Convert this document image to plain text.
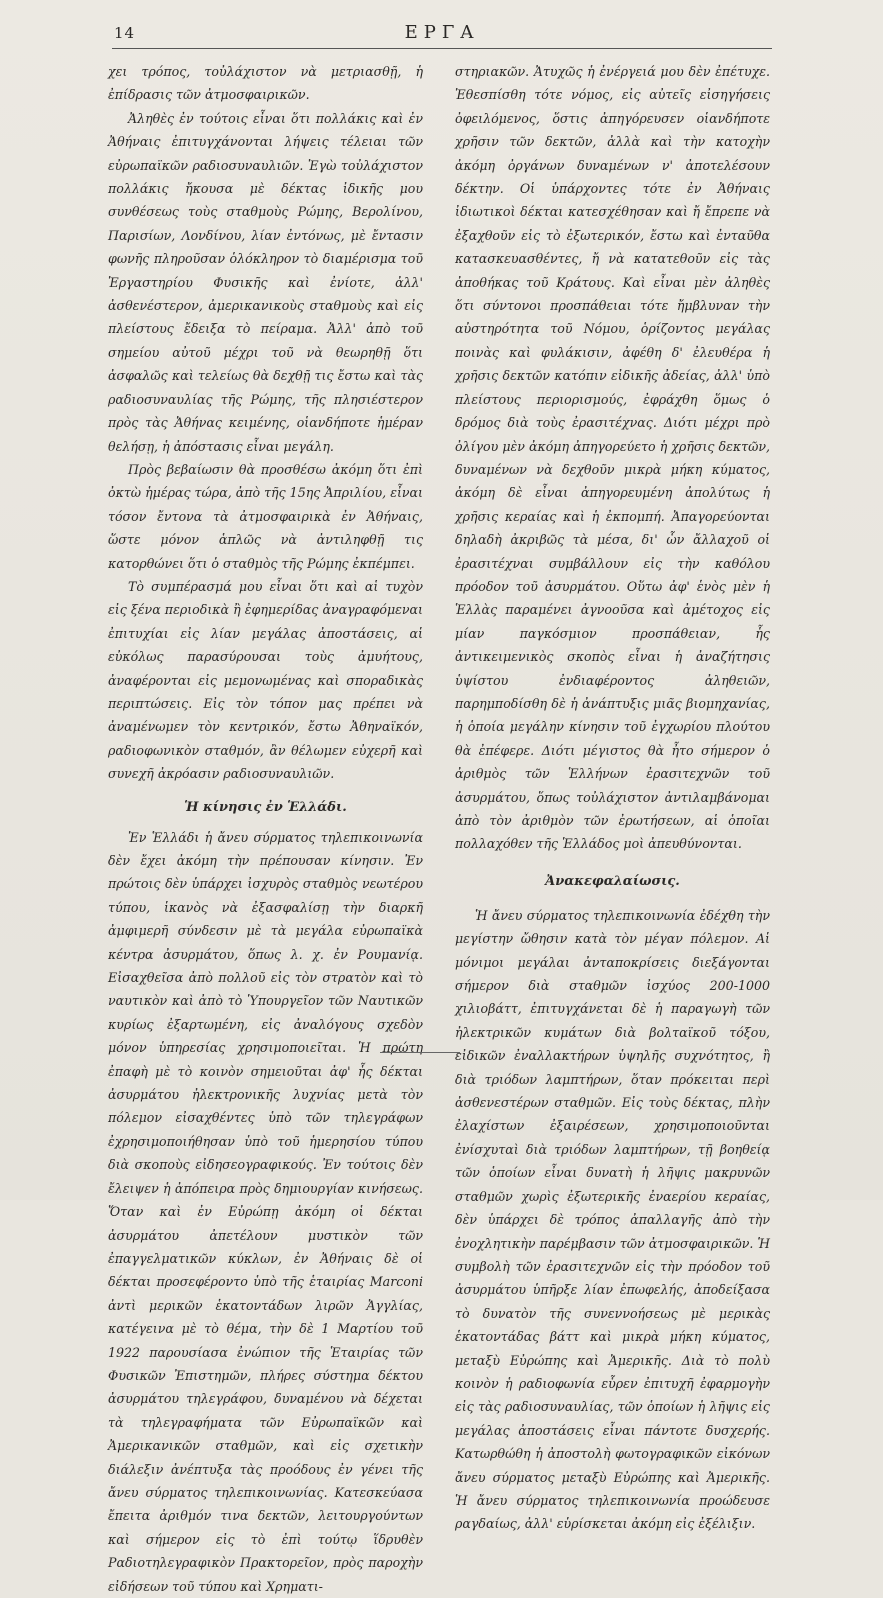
14	ΕΡΓΑ

χει τρόπος, τοὐλάχιστον νὰ μετριασθῇ, ἡ ἐπίδρασις τῶν ἀτμοσφαιρικῶν.

Ἀληθὲς ἐν τούτοις εἶναι ὅτι πολλάκις καὶ ἐν Ἀθήναις ἐπιτυγχάνονται λήψεις τέλειαι τῶν εὐρωπαϊκῶν ραδιοσυναυλιῶν. Ἐγὼ τοὐλάχιστον πολλάκις ἤκουσα μὲ δέκτας ἰδικῆς μου συνθέσεως τοὺς σταθμοὺς Ρώμης, Βερολίνου, Παρισίων, Λονδίνου, λίαν ἐντόνως, μὲ ἔντασιν φωνῆς πληροῦσαν ὁλόκληρον τὸ διαμέρισμα τοῦ Ἐργαστηρίου Φυσικῆς καὶ ἐνίοτε, ἀλλ' ἀσθενέστερον, ἀμερικανικοὺς σταθμοὺς καὶ εἰς πλείστους ἔδειξα τὸ πείραμα. Ἀλλ' ἀπὸ τοῦ σημείου αὐτοῦ μέχρι τοῦ νὰ θεωρηθῇ ὅτι ἀσφαλῶς καὶ τελείως θὰ δεχθῇ τις ἔστω καὶ τὰς ραδιοσυναυλίας τῆς Ρώμης, τῆς πλησιέστερον πρὸς τὰς Ἀθήνας κειμένης, οἱανδήποτε ἡμέραν θελήσῃ, ἡ ἀπόστασις εἶναι μεγάλη.

Πρὸς βεβαίωσιν θὰ προσθέσω ἀκόμη ὅτι ἐπὶ ὀκτὼ ἡμέρας τώρα, ἀπὸ τῆς 15ης Ἀπριλίου, εἶναι τόσον ἔντονα τὰ ἀτμοσφαιρικὰ ἐν Ἀθήναις, ὥστε μόνον ἁπλῶς νὰ ἀντιληφθῇ τις κατορθώνει ὅτι ὁ σταθμὸς τῆς Ρώμης ἐκπέμπει.

Τὸ συμπέρασμά μου εἶναι ὅτι καὶ αἱ τυχὸν εἰς ξένα περιοδικὰ ἢ ἐφημερίδας ἀναγραφόμεναι ἐπιτυχίαι εἰς λίαν μεγάλας ἀποστάσεις, αἱ εὐκόλως παρασύρουσαι τοὺς ἀμυήτους, ἀναφέρονται εἰς μεμονωμένας καὶ σποραδικὰς περιπτώσεις. Εἰς τὸν τόπον μας πρέπει νὰ ἀναμένωμεν τὸν κεντρικόν, ἔστω Ἀθηναϊκόν, ραδιοφωνικὸν σταθμόν, ἂν θέλωμεν εὐχερῆ καὶ συνεχῆ ἀκρόασιν ραδιοσυναυλιῶν.

Ἡ κίνησις ἐν Ἑλλάδι.

Ἐν Ἑλλάδι ἡ ἄνευ σύρματος τηλεπικοινωνία δὲν ἔχει ἀκόμη τὴν πρέπουσαν κίνησιν. Ἐν πρώτοις δὲν ὑπάρχει ἰσχυρὸς σταθμὸς νεωτέρου τύπου, ἱκανὸς νὰ ἐξασφαλίσῃ τὴν διαρκῆ ἀμφιμερῆ σύνδεσιν μὲ τὰ μεγάλα εὐρωπαϊκὰ κέντρα ἀσυρμάτου, ὅπως λ. χ. ἐν Ρουμανίᾳ. Εἰσαχθεῖσα ἀπὸ πολλοῦ εἰς τὸν στρατὸν καὶ τὸ ναυτικὸν καὶ ἀπὸ τὸ Ὑπουργεῖον τῶν Ναυτικῶν κυρίως ἐξαρτωμένη, εἰς ἀναλόγους σχεδὸν μόνον ὑπηρεσίας χρησιμοποιεῖται. Ἡ πρώτη ἐπαφὴ μὲ τὸ κοινὸν σημειοῦται ἀφ' ἧς δέκται ἀσυρμάτου ἠλεκτρονικῆς λυχνίας μετὰ τὸν πόλεμον εἰσαχθέντες ὑπὸ τῶν τηλεγράφων ἐχρησιμοποιήθησαν ὑπὸ τοῦ ἡμερησίου τύπου διὰ σκοποὺς εἰδησεογραφικούς. Ἐν τούτοις δὲν ἔλειψεν ἡ ἀπόπειρα πρὸς δημιουργίαν κινήσεως. Ὅταν καὶ ἐν Εὐρώπῃ ἀκόμη οἱ δέκται ἀσυρμάτου ἀπετέλουν μυστικὸν τῶν ἐπαγγελματικῶν κύκλων, ἐν Ἀθήναις δὲ οἱ δέκται προσεφέροντο ὑπὸ τῆς ἑταιρίας Marconi ἀντὶ μερικῶν ἑκατοντάδων λιρῶν Ἀγγλίας, κατέγεινα μὲ τὸ θέμα, τὴν δὲ 1 Μαρτίου τοῦ 1922 παρουσίασα ἐνώπιον τῆς Ἑταιρίας τῶν Φυσικῶν Ἐπιστημῶν, πλήρες σύστημα δέκτου ἀσυρμάτου τηλεγράφου, δυναμένου νὰ δέχεται τὰ τηλεγραφήματα τῶν Εὐρωπαϊκῶν καὶ Ἀμερικανικῶν σταθμῶν, καὶ εἰς σχετικὴν διάλεξιν ἀνέπτυξα τὰς προόδους ἐν γένει τῆς ἄνευ σύρματος τηλεπικοινωνίας. Κατεσκεύασα ἔπειτα ἀριθμόν τινα δεκτῶν, λειτουργούντων καὶ σήμερον εἰς τὸ ἐπὶ τούτῳ ἵδρυθὲν Ραδιοτηλεγραφικὸν Πρακτορεῖον, πρὸς παροχὴν εἰδήσεων τοῦ τύπου καὶ Χρηματι-

στηριακῶν. Ἀτυχῶς ἡ ἐνέργειά μου δὲν ἐπέτυχε. Ἐθεσπίσθη τότε νόμος, εἰς αὐτεῖς εἰσηγήσεις ὀφειλόμενος, ὅστις ἀπηγόρευσεν οἱανδήποτε χρῆσιν τῶν δεκτῶν, ἀλλὰ καὶ τὴν κατοχὴν ἀκόμη ὀργάνων δυναμένων ν' ἀποτελέσουν δέκτην. Οἱ ὑπάρχοντες τότε ἐν Ἀθήναις ἰδιωτικοὶ δέκται κατεσχέθησαν καὶ ἤ ἔπρεπε νὰ ἐξαχθοῦν εἰς τὸ ἐξωτερικόν, ἔστω καὶ ἐνταῦθα κατασκευασθέντες, ἤ νὰ κατατεθοῦν εἰς τὰς ἀποθήκας τοῦ Κράτους. Καὶ εἶναι μὲν ἀληθὲς ὅτι σύντονοι προσπάθειαι τότε ἤμβλυναν τὴν αὐστηρότητα τοῦ Νόμου, ὁρίζοντος μεγάλας ποινὰς καὶ φυλάκισιν, ἀφέθη δ' ἐλευθέρα ἡ χρῆσις δεκτῶν κατόπιν εἰδικῆς ἀδείας, ἀλλ' ὑπὸ πλείστους περιορισμούς, ἐφράχθη ὅμως ὁ δρόμος διὰ τοὺς ἐρασιτέχνας. Διότι μέχρι πρὸ ὀλίγου μὲν ἀκόμη ἀπηγορεύετο ἡ χρῆσις δεκτῶν, δυναμένων νὰ δεχθοῦν μικρὰ μήκη κύματος, ἀκόμη δὲ εἶναι ἀπηγορευμένη ἀπολύτως ἡ χρῆσις κεραίας καὶ ἡ ἐκπομπή. Ἀπαγορεύονται δηλαδὴ ἀκριβῶς τὰ μέσα, δι' ὧν ἄλλαχοῦ οἱ ἐρασιτέχναι συμβάλλουν εἰς τὴν καθόλου πρόοδον τοῦ ἀσυρμάτου. Οὕτω ἀφ' ἑνὸς μὲν ἡ Ἑλλὰς παραμένει ἀγνοοῦσα καὶ ἀμέτοχος εἰς μίαν παγκόσμιον προσπάθειαν, ἧς ἀντικειμενικὸς σκοπὸς εἶναι ἡ ἀναζήτησις ὑψίστου ἐνδιαφέροντος ἀληθειῶν, παρημποδίσθη δὲ ἡ ἀνάπτυξις μιᾶς βιομηχανίας, ἡ ὁποία μεγάλην κίνησιν τοῦ ἐγχωρίου πλούτου θὰ ἐπέφερε. Διότι μέγιστος θὰ ἦτο σήμερον ὁ ἀριθμὸς τῶν Ἑλλήνων ἐρασιτεχνῶν τοῦ ἀσυρμάτου, ὅπως τοὐλάχιστον ἀντιλαμβάνομαι ἀπὸ τὸν ἀριθμὸν τῶν ἐρωτήσεων, αἱ ὁποῖαι πολλαχόθεν τῆς Ἑλλάδος μοὶ ἀπευθύνονται.

Ἀνακεφαλαίωσις.

Ἡ ἄνευ σύρματος τηλεπικοινωνία ἐδέχθη τὴν μεγίστην ὤθησιν κατὰ τὸν μέγαν πόλεμον. Αἱ μόνιμοι μεγάλαι ἀνταποκρίσεις διεξάγονται σήμερον διὰ σταθμῶν ἰσχύος 200-1000 χιλιοβάττ, ἐπιτυγχάνεται δὲ ἡ παραγωγὴ τῶν ἠλεκτρικῶν κυμάτων διὰ βολταϊκοῦ τόξου, εἰδικῶν ἐναλλακτήρων ὑψηλῆς συχνότητος, ἢ διὰ τριόδων λαμπτήρων, ὅταν πρόκειται περὶ ἀσθενεστέρων σταθμῶν. Εἰς τοὺς δέκτας, πλὴν ἐλαχίστων ἐξαιρέσεων, χρησιμοποιοῦνται ἐνίσχυταὶ διὰ τριόδων λαμπτήρων, τῇ βοηθείᾳ τῶν ὁποίων εἶναι δυνατὴ ἡ λῆψις μακρυνῶν σταθμῶν χωρὶς ἐξωτερικῆς ἐναερίου κεραίας, δὲν ὑπάρχει δὲ τρόπος ἀπαλλαγῆς ἀπὸ τὴν ἐνοχλητικὴν παρέμβασιν τῶν ἀτμοσφαιρικῶν. Ἡ συμβολὴ τῶν ἐρασιτεχνῶν εἰς τὴν πρόοδον τοῦ ἀσυρμάτου ὑπῆρξε λίαν ἐπωφελής, ἀποδείξασα τὸ δυνατὸν τῆς συνεννοήσεως μὲ μερικὰς ἑκατοντάδας βάττ καὶ μικρὰ μήκη κύματος, μεταξὺ Εὐρώπης καὶ Ἀμερικῆς. Διὰ τὸ πολὺ κοινὸν ἡ ραδιοφωνία εὗρεν ἐπιτυχῆ ἐφαρμογὴν εἰς τὰς ραδιοσυναυλίας, τῶν ὁποίων ἡ λῆψις εἰς μεγάλας ἀποστάσεις εἶναι πάντοτε δυσχερής. Κατωρθώθη ἡ ἀποστολὴ φωτογραφικῶν εἰκόνων ἄνευ σύρματος μεταξὺ Εὐρώπης καὶ Ἀμερικῆς. Ἡ ἄνευ σύρματος τηλεπικοινωνία προώδευσε ραγδαίως, ἀλλ' εὑρίσκεται ἀκόμη εἰς ἐξέλιξιν.
